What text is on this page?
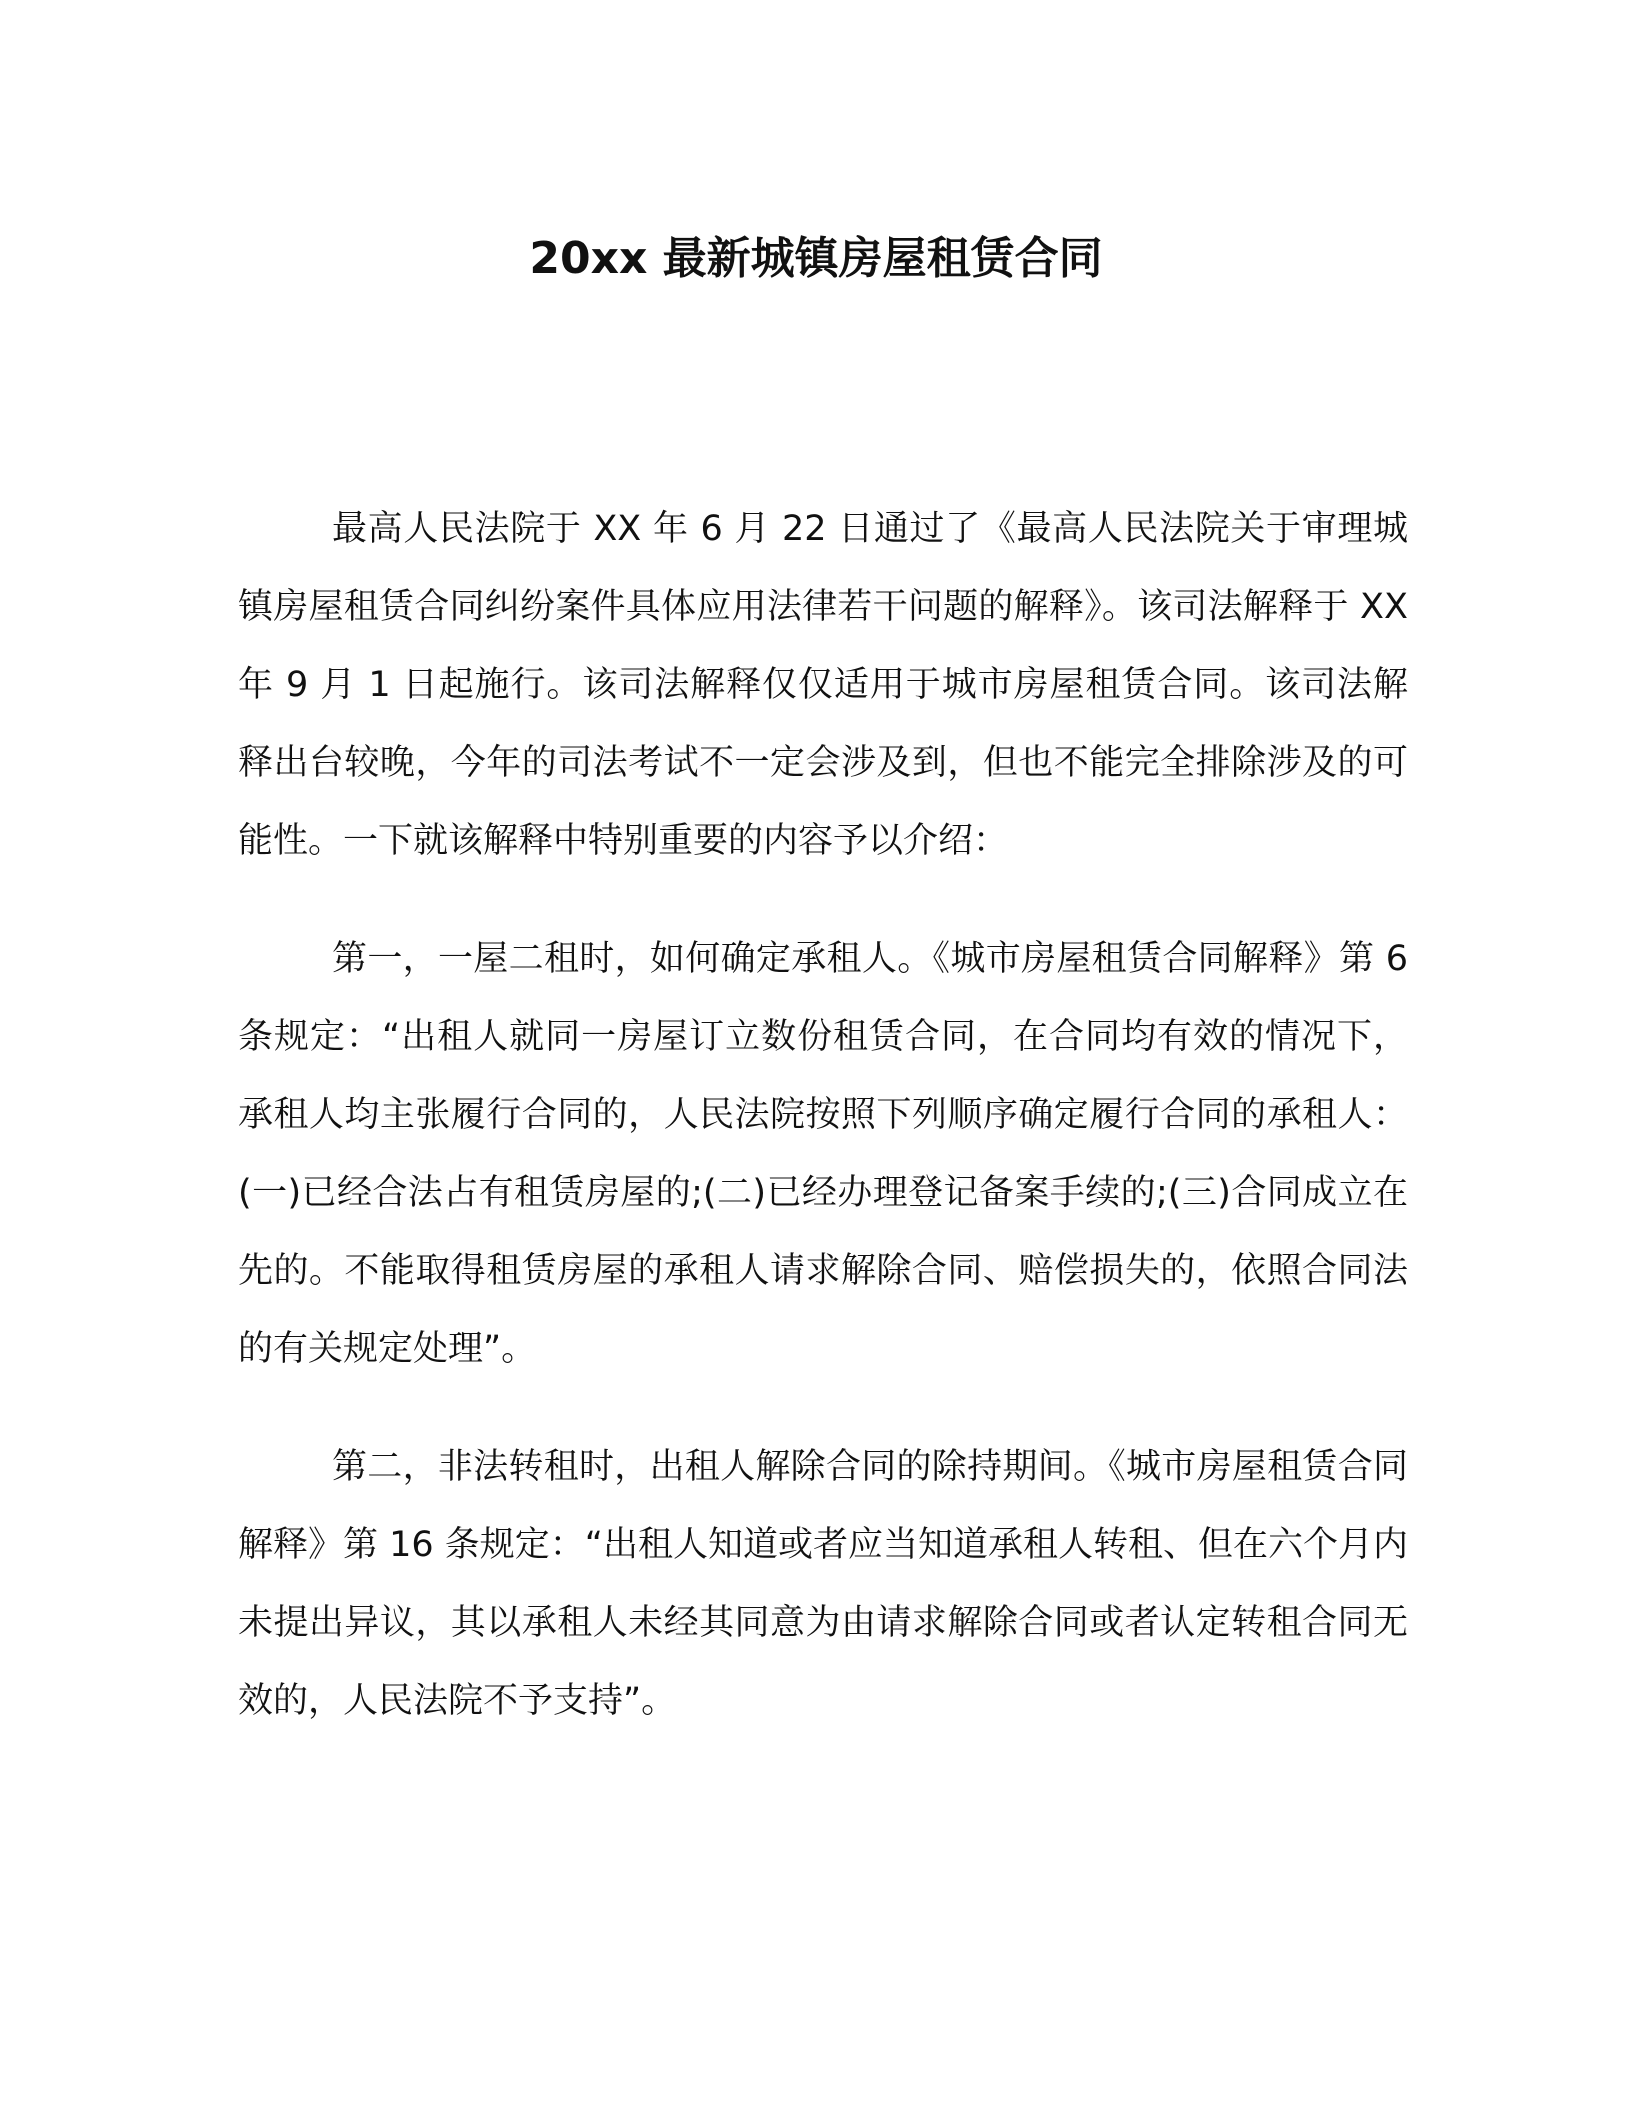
20xx 最新城镇房屋租赁合同

最高人民法院于 XX 年 6 月 22 日通过了《最高人民法院关于审理城镇房屋租赁合同纠纷案件具体应用法律若干问题的解释》。该司法解释于 XX 年 9 月 1 日起施行。该司法解释仅仅适用于城市房屋租赁合同。该司法解释出台较晚，今年的司法考试不一定会涉及到，但也不能完全排除涉及的可能性。一下就该解释中特别重要的内容予以介绍：

第一，一屋二租时，如何确定承租人。《城市房屋租赁合同解释》第 6 条规定：“出租人就同一房屋订立数份租赁合同，在合同均有效的情况下，承租人均主张履行合同的，人民法院按照下列顺序确定履行合同的承租人：(一)已经合法占有租赁房屋的;(二)已经办理登记备案手续的;(三)合同成立在先的。不能取得租赁房屋的承租人请求解除合同、赔偿损失的，依照合同法的有关规定处理”。

第二，非法转租时，出租人解除合同的除持期间。《城市房屋租赁合同解释》第 16 条规定：“出租人知道或者应当知道承租人转租、但在六个月内未提出异议，其以承租人未经其同意为由请求解除合同或者认定转租合同无效的，人民法院不予支持”。
